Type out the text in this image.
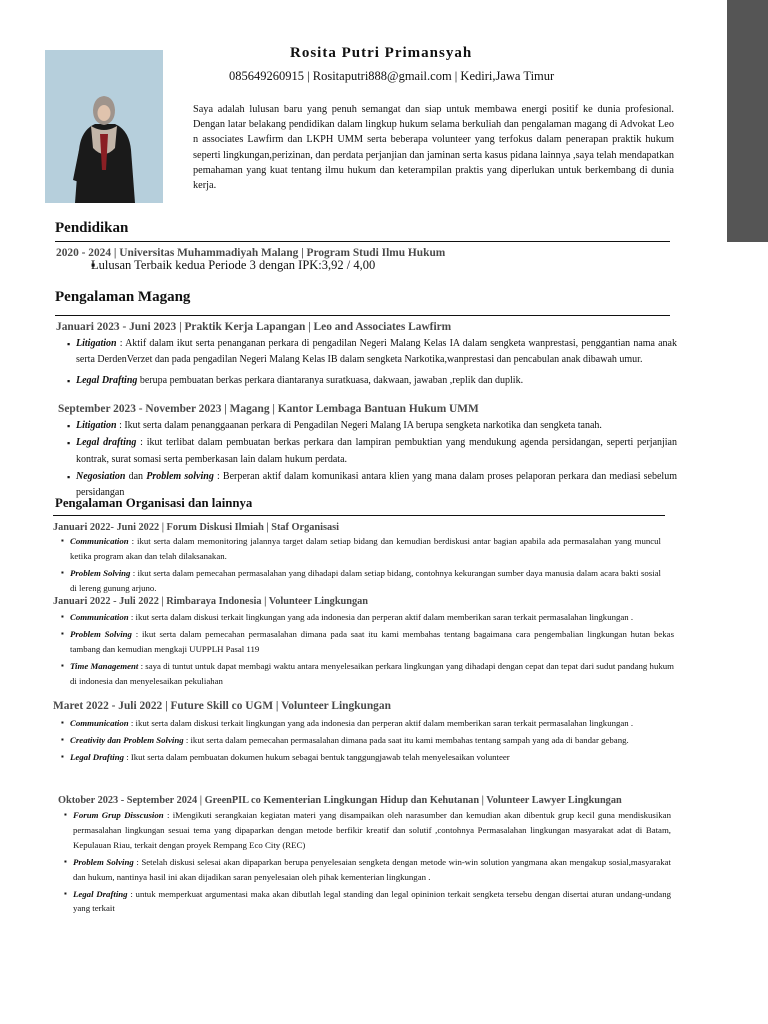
Rosita Putri Primansyah
085649260915 | Rositaputri888@gmail.com | Kediri,Jawa Timur
Saya adalah lulusan baru yang penuh semangat dan siap untuk membawa energi positif ke dunia profesional. Dengan latar belakang pendidikan dalam lingkup hukum selama berkuliah dan pengalaman magang di Advokat Leo n associates Lawfirm dan LKPH UMM serta beberapa volunteer yang terfokus dalam penerapan praktik hukum seperti lingkungan,perizinan, dan perdata perjanjian dan jaminan serta kasus pidana lainnya ,saya telah mendapatkan pemahaman yang kuat tentang ilmu hukum dan keterampilan praktis yang diperlukan untuk berkembang di dunia kerja.
Pendidikan
2020 - 2024 | Universitas Muhammadiyah Malang | Program Studi Ilmu Hukum
▪ Lulusan Terbaik kedua Periode 3 dengan IPK:3,92 / 4,00
Pengalaman Magang
Januari 2023 - Juni 2023 | Praktik Kerja Lapangan | Leo and Associates Lawfirm
▪ Litigation : Aktif dalam ikut serta penanganan perkara di pengadilan Negeri Malang Kelas IA dalam sengketa wanprestasi, penggantian nama anak serta DerdenVerzet dan pada pengadilan Negeri Malang Kelas IB dalam sengketa Narkotika,wanprestasi dan pencabulan anak dibawah umur.
▪ Legal Drafting berupa pembuatan berkas perkara diantaranya suratkuasa, dakwaan, jawaban ,replik dan duplik.
September 2023 - November 2023 | Magang | Kantor Lembaga Bantuan Hukum UMM
▪ Litigation : Ikut serta dalam penanggaanan perkara di Pengadilan Negeri Malang IA berupa sengketa narkotika dan sengketa tanah.
▪ Legal drafting : ikut terlibat dalam pembuatan berkas perkara dan lampiran pembuktian yang mendukung agenda persidangan, seperti perjanjian kontrak, surat somasi serta pemberkasan lain dalam hukum perdata.
▪ Negosiation dan Problem solving : Berperan aktif dalam komunikasi antara klien yang mana dalam proses pelaporan perkara dan mediasi sebelum persidangan
Pengalaman Organisasi dan lainnya
Januari 2022- Juni 2022 | Forum Diskusi Ilmiah | Staf Organisasi
▪ Communication : ikut serta dalam memonitoring jalannya target dalam setiap bidang dan kemudian berdiskusi antar bagian apabila ada permasalahan yang muncul ketika program akan dan telah dilaksanakan.
▪ Problem Solving : ikut serta dalam pemecahan permasalahan yang dihadapi dalam setiap bidang, contohnya kekurangan sumber daya manusia dalam acara bakti sosial di lereng gunung arjuno.
Januari 2022 - Juli 2022 | Rimbaraya Indonesia | Volunteer Lingkungan
▪ Communication : ikut serta dalam diskusi terkait lingkungan yang ada indonesia dan perperan aktif dalam memberikan saran terkait permasalahan lingkungan .
▪ Problem Solving : ikut serta dalam pemecahan permasalahan dimana pada saat itu kami membahas tentang bagaimana cara pengembalian lingkungan hutan bekas tambang dan kemudian mengkaji UUPPLH Pasal 119
▪ Time Management : saya di tuntut untuk dapat membagi waktu antara menyelesaikan perkara lingkungan yang dihadapi dengan cepat dan tepat dari sudut pandang hukum di indonesia dan menyelesaikan pekuliahan
Maret 2022 - Juli 2022 | Future Skill co UGM | Volunteer Lingkungan
▪ Communication : ikut serta dalam diskusi terkait lingkungan yang ada indonesia dan perperan aktif dalam memberikan saran terkait permasalahan lingkungan .
▪ Creativity dan Problem Solving : ikut serta dalam pemecahan permasalahan dimana pada saat itu kami membahas tentang sampah yang ada di bandar gebang.
▪ Legal Drafting : Ikut serta dalam pembuatan dokumen hukum sebagai bentuk tanggungjawab telah menyelesaikan volunteer
Oktober 2023 - September 2024 | GreenPIL co Kementerian Lingkungan Hidup dan Kehutanan | Volunteer Lawyer Lingkungan
▪ Forum Grup Disscusion : iMengikuti serangkaian kegiatan materi yang disampaikan oleh narasumber dan kemudian akan dibentuk grup kecil guna mendiskusikan permasalahan lingkungan sesuai tema yang dipaparkan dengan metode berfikir kreatif dan solutif ,contohnya Permasalahan lingkungan masyarakat adat di Batam, Kepulauan Riau, terkait dengan proyek Rempang Eco City (REC)
▪ Problem Solving : Setelah diskusi selesai akan dipaparkan berupa penyelesaian sengketa dengan metode win-win solution yangmana akan mengakup sosial,masyarakat dan hukum, nantinya hasil ini akan dijadikan saran penyelesaian oleh pihak kementerian lingkungan .
▪ Legal Drafting : untuk memperkuat argumentasi maka akan dibutlah legal standing dan legal opininion terkait sengketa tersebu dengan disertai aturan undang-undang yang terkait
